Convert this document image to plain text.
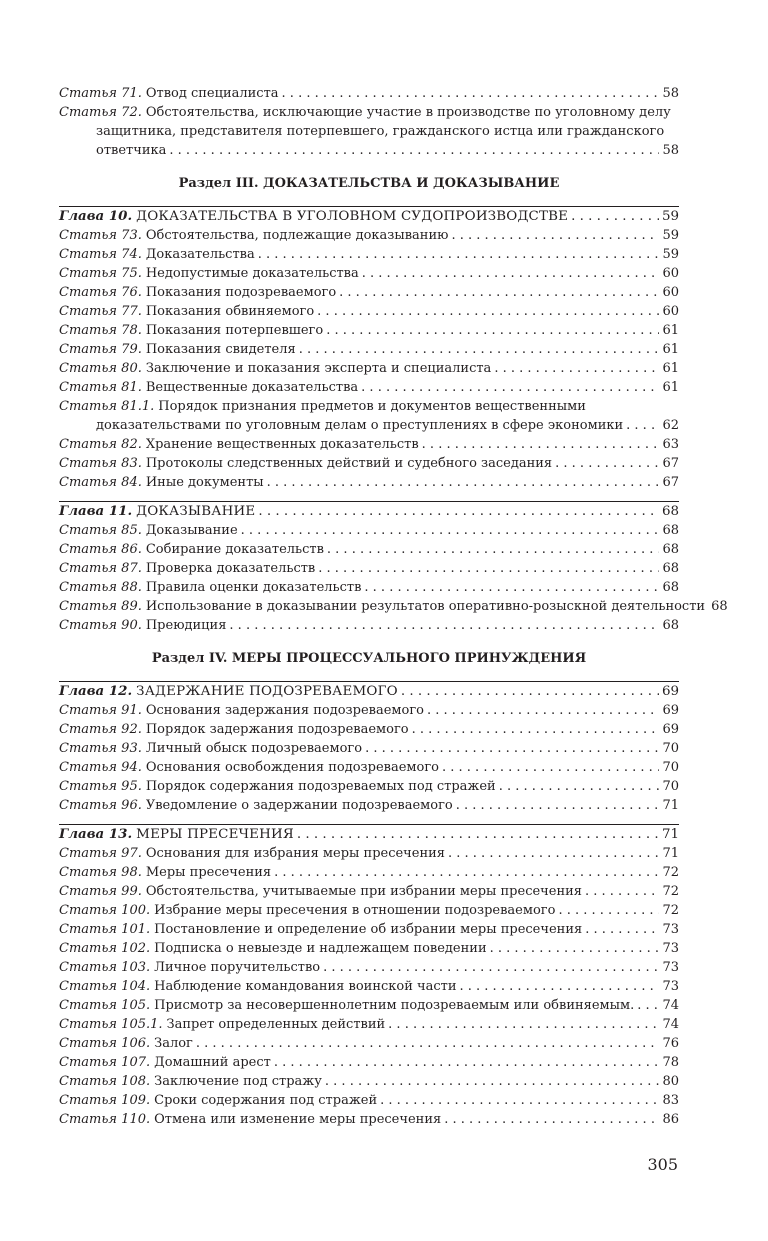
Статья 71. Отвод специалиста . . .	58
Статья 72. Обстоятельства, исключающие участие в производстве по уголовному делу
защитника, представителя потерпевшего, гражданского истца или гражданского
ответчика . . .	58
Раздел III. ДОКАЗАТЕЛЬСТВА И ДОКАЗЫВАНИЕ
Глава 10. ДОКАЗАТЕЛЬСТВА В УГОЛОВНОМ СУДОПРОИЗВОДСТВЕ . . .	59
Статья 73. Обстоятельства, подлежащие доказыванию . . .	59
Статья 74. Доказательства . . .	59
Статья 75. Недопустимые доказательства . . .	60
Статья 76. Показания подозреваемого . . .	60
Статья 77. Показания обвиняемого . . .	60
Статья 78. Показания потерпевшего . . .	61
Статья 79. Показания свидетеля . . .	61
Статья 80. Заключение и показания эксперта и специалиста . . .	61
Статья 81. Вещественные доказательства . . .	61
Статья 81.1. Порядок признания предметов и документов вещественными
доказательствами по уголовным делам о преступлениях в сфере экономики . . .	62
Статья 82. Хранение вещественных доказательств . . .	63
Статья 83. Протоколы следственных действий и судебного заседания . . .	67
Статья 84. Иные документы . . .	67
Глава 11. ДОКАЗЫВАНИЕ . . .	68
Статья 85. Доказывание . . .	68
Статья 86. Собирание доказательств . . .	68
Статья 87. Проверка доказательств . . .	68
Статья 88. Правила оценки доказательств . . .	68
Статья 89. Использование в доказывании результатов оперативно-розыскной деятельности 68
Статья 90. Преюдиция . . .	68
Раздел IV. МЕРЫ ПРОЦЕССУАЛЬНОГО ПРИНУЖДЕНИЯ
Глава 12. ЗАДЕРЖАНИЕ ПОДОЗРЕВАЕМОГО . . .	69
Статья 91. Основания задержания подозреваемого . . .	69
Статья 92. Порядок задержания подозреваемого . . .	69
Статья 93. Личный обыск подозреваемого . . .	70
Статья 94. Основания освобождения подозреваемого . . .	70
Статья 95. Порядок содержания подозреваемых под стражей . . .	70
Статья 96. Уведомление о задержании подозреваемого . . .	71
Глава 13. МЕРЫ ПРЕСЕЧЕНИЯ . . .	71
Статья 97. Основания для избрания меры пресечения . . .	71
Статья 98. Меры пресечения . . .	72
Статья 99. Обстоятельства, учитываемые при избрании меры пресечения . . .	72
Статья 100. Избрание меры пресечения в отношении подозреваемого . . .	72
Статья 101. Постановление и определение об избрании меры пресечения . . .	73
Статья 102. Подписка о невыезде и надлежащем поведении . . .	73
Статья 103. Личное поручительство . . .	73
Статья 104. Наблюдение командования воинской части . . .	73
Статья 105. Присмотр за несовершеннолетним подозреваемым или обвиняемым. . . . 74
Статья 105.1. Запрет определенных действий . . .	74
Статья 106. Залог . . .	76
Статья 107. Домашний арест . . .	78
Статья 108. Заключение под стражу . . .	80
Статья 109. Сроки содержания под стражей . . .	83
Статья 110. Отмена или изменение меры пресечения . . .	86
305
